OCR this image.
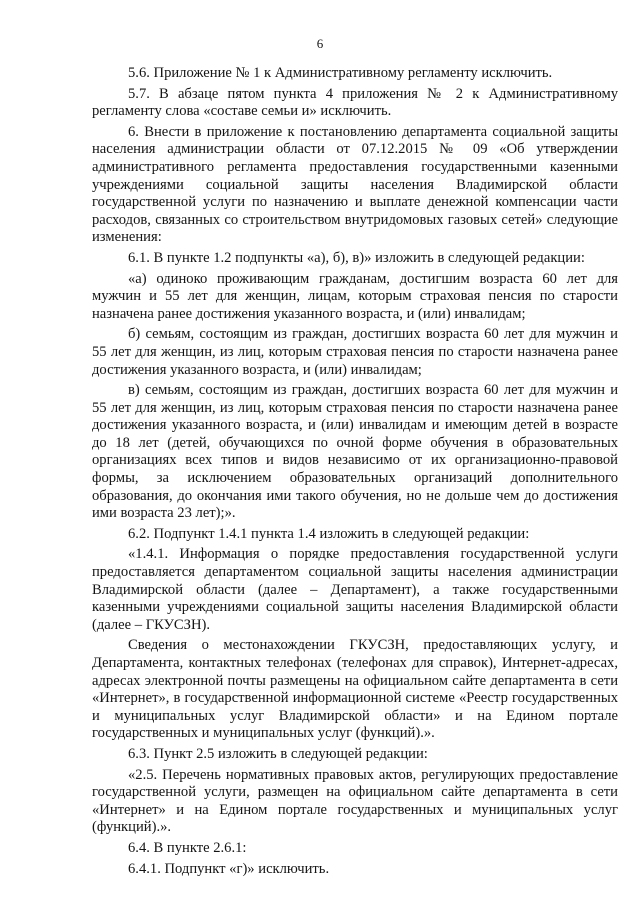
6

5.6. Приложение № 1 к Административному регламенту исключить.

5.7. В абзаце пятом пункта 4 приложения № 2 к Административному регламенту слова «составе семьи и» исключить.

6. Внести в приложение к постановлению департамента социальной защиты населения администрации области от 07.12.2015 № 09 «Об утверждении административного регламента предоставления государственными казенными учреждениями социальной защиты населения Владимирской области государственной услуги по назначению и выплате денежной компенсации части расходов, связанных со строительством внутридомовых газовых сетей» следующие изменения:

6.1. В пункте 1.2 подпункты «а), б), в)» изложить в следующей редакции:

«а) одиноко проживающим гражданам, достигшим возраста 60 лет для мужчин и 55 лет для женщин, лицам, которым страховая пенсия по старости назначена ранее достижения указанного возраста, и (или) инвалидам;

б) семьям, состоящим из граждан, достигших возраста 60 лет для мужчин и 55 лет для женщин, из лиц, которым страховая пенсия по старости назначена ранее достижения указанного возраста, и (или) инвалидам;

в) семьям, состоящим из граждан, достигших возраста 60 лет для мужчин и 55 лет для женщин, из лиц, которым страховая пенсия по старости назначена ранее достижения указанного возраста, и (или) инвалидам и имеющим детей в возрасте до 18 лет (детей, обучающихся по очной форме обучения в образовательных организациях всех типов и видов независимо от их организационно-правовой формы, за исключением образовательных организаций дополнительного образования, до окончания ими такого обучения, но не дольше чем до достижения ими возраста 23 лет);».

6.2. Подпункт 1.4.1 пункта 1.4 изложить в следующей редакции:

«1.4.1. Информация о порядке предоставления государственной услуги предоставляется департаментом социальной защиты населения администрации Владимирской области (далее – Департамент), а также государственными казенными учреждениями социальной защиты населения Владимирской области (далее – ГКУСЗН).

Сведения о местонахождении ГКУСЗН, предоставляющих услугу, и Департамента, контактных телефонах (телефонах для справок), Интернет-адресах, адресах электронной почты размещены на официальном сайте департамента в сети «Интернет», в государственной информационной системе «Реестр государственных и муниципальных услуг Владимирской области» и на Едином портале государственных и муниципальных услуг (функций).».

6.3. Пункт 2.5 изложить в следующей редакции:

«2.5. Перечень нормативных правовых актов, регулирующих предоставление государственной услуги, размещен на официальном сайте департамента в сети «Интернет» и на Едином портале государственных и муниципальных услуг (функций).».

6.4. В пункте 2.6.1:

6.4.1. Подпункт «г)» исключить.
